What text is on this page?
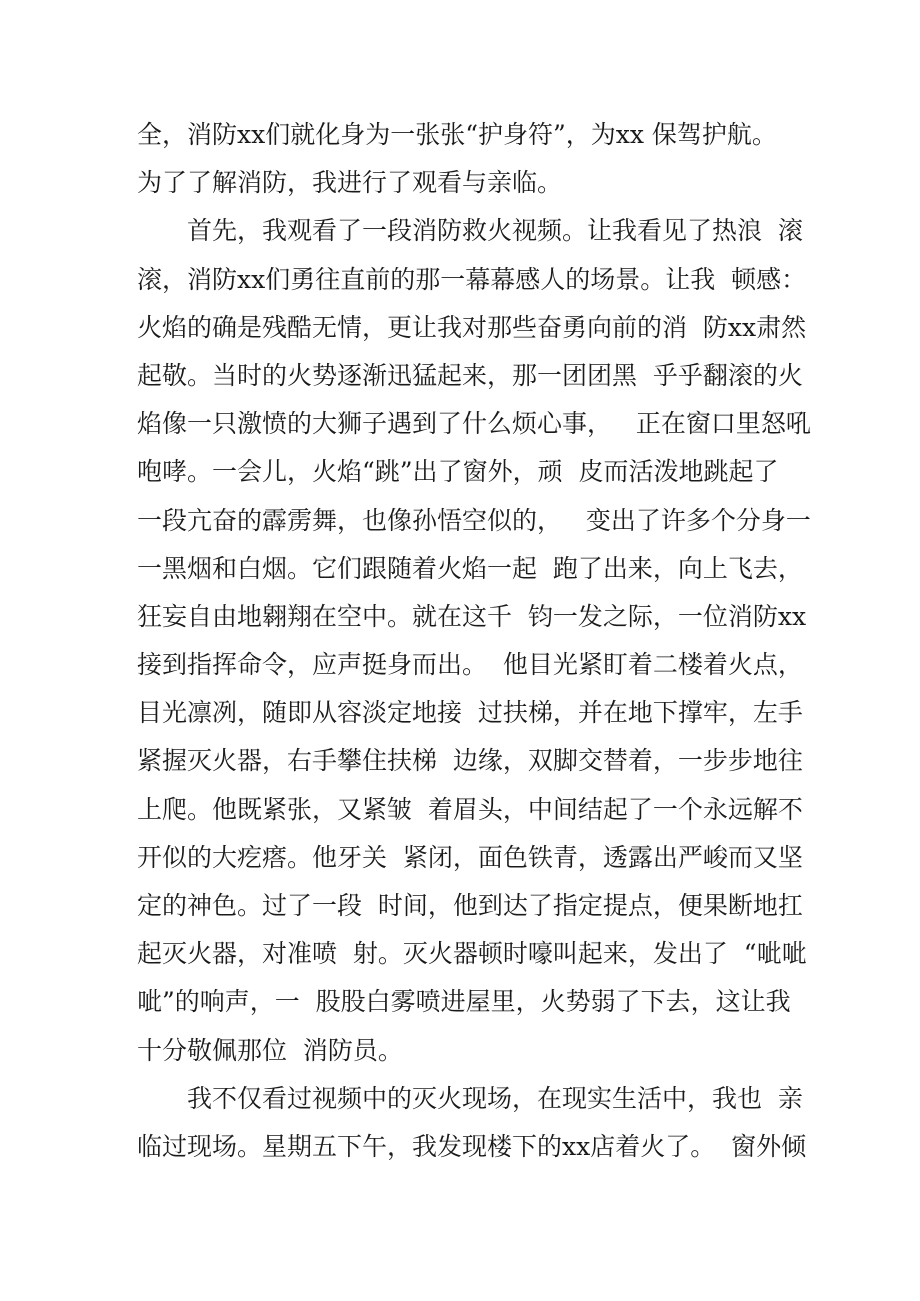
全，消防xx们就化身为一张张“护身符”，为xx 保驾护航。
为了了解消防，我进行了观看与亲临。
　　首先，我观看了一段消防救火视频。让我看见了热浪  滚
滚，消防xx们勇往直前的那一幕幕感人的场景。让我  顿感：
火焰的确是残酷无情，更让我对那些奋勇向前的消  防xx肃然
起敬。当时的火势逐渐迅猛起来，那一团团黑  乎乎翻滚的火
焰像一只激愤的大狮子遇到了什么烦心事，   正在窗口里怒吼
咆哮。一会儿，火焰“跳”出了窗外，顽  皮而活泼地跳起了
一段亢奋的霹雳舞，也像孙悟空似的，   变出了许多个分身一
一黑烟和白烟。它们跟随着火焰一起  跑了出来，向上飞去，
狂妄自由地翱翔在空中。就在这千  钧一发之际，一位消防xx
接到指挥命令，应声挺身而出。  他目光紧盯着二楼着火点，
目光凛冽，随即从容淡定地接  过扶梯，并在地下撑牢，左手
紧握灭火器，右手攀住扶梯  边缘，双脚交替着，一步步地往
上爬。他既紧张，又紧皱  着眉头，中间结起了一个永远解不
开似的大疙瘩。他牙关  紧闭，面色铁青，透露出严峻而又坚
定的神色。过了一段  时间，他到达了指定提点，便果断地扛
起灭火器，对准喷  射。灭火器顿时嚎叫起来，发出了  “呲呲
呲”的响声，一  股股白雾喷进屋里，火势弱了下去，这让我
十分敬佩那位  消防员。
　　我不仅看过视频中的灭火现场，在现实生活中，我也  亲
临过现场。星期五下午，我发现楼下的xx店着火了。  窗外倾
